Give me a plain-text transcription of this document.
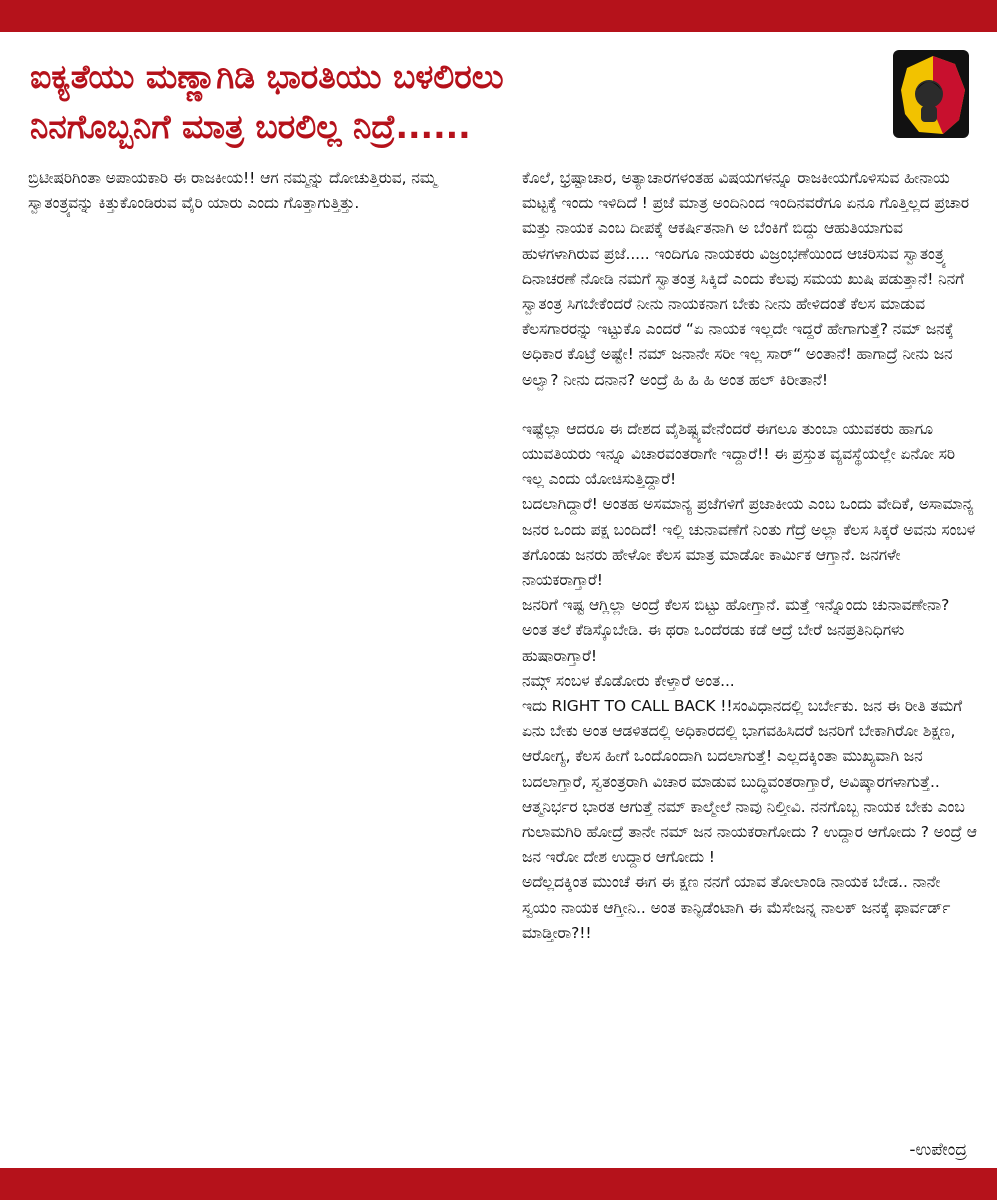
ಐಕ್ಯತೆಯು ಮಣ್ಣಾಗಿಡಿ ಭಾರತಿಯು ಬಳಲಿರಲು
ನಿನಗೊಬ್ಬನಿಗೆ ಮಾತ್ರ ಬರಲಿಲ್ಲ ನಿದ್ರೆ......

ಬ್ರಿಟೀಷರಿಗಿಂತಾ ಅಪಾಯಕಾರಿ ಈ ರಾಜಕೀಯ!! ಆಗ ನಮ್ಮನ್ನು ದೋಚುತ್ತಿರುವ, ನಮ್ಮ ಸ್ವಾತಂತ್ರ್ಯವನ್ನು ಕಿತ್ತುಕೊಂಡಿರುವ ವೈರಿ ಯಾರು ಎಂದು ಗೊತ್ತಾಗುತ್ತಿತ್ತು.

ಕೊಲೆ, ಭ್ರಷ್ಟಾಚಾರ, ಅತ್ಯಾಚಾರಗಳಂತಹ ವಿಷಯಗಳನ್ನೂ ರಾಜಕೀಯಗೊಳಿಸುವ ಹೀನಾಯ ಮಟ್ಟಕ್ಕೆ ಇಂದು ಇಳಿದಿದೆ ! ಪ್ರಜೆ ಮಾತ್ರ ಅಂದಿನಿಂದ ಇಂದಿನವರೆಗೂ ಏನೂ ಗೊತ್ತಿಲ್ಲದ ಪ್ರಚಾರ ಮತ್ತು ನಾಯಕ ಎಂಬ ದೀಪಕ್ಕೆ ಆಕರ್ಷಿತನಾಗಿ ಅ ಬೆಂಕಿಗೆ ಬಿದ್ದು ಆಹುತಿಯಾಗುವ ಹುಳಗಳಾಗಿರುವ ಪ್ರಜೆ..... ಇಂದಿಗೂ ನಾಯಕರು ವಿಜ್ರಂಭಣೆಯಿಂದ ಆಚರಿಸುವ ಸ್ವಾತಂತ್ರ್ಯ ದಿನಾಚರಣೆ ನೋಡಿ ನಮಗೆ ಸ್ವಾತಂತ್ರ ಸಿಕ್ಕಿದೆ ಎಂದು ಕೆಲವು ಸಮಯ ಖುಷಿ ಪಡುತ್ತಾನೆ! ನಿನಗೆ ಸ್ವಾತಂತ್ರ ಸಿಗಬೇಕೆಂದರೆ ನೀನು ನಾಯಕನಾಗ ಬೇಕು ನೀನು ಹೇಳಿದಂತೆ ಕೆಲಸ ಮಾಡುವ ಕೆಲಸಗಾರರನ್ನು ಇಟ್ಟುಕೊ ಎಂದರೆ “ಏ ನಾಯಕ ಇಲ್ಲದೇ ಇದ್ದರೆ ಹೇಗಾಗುತ್ತೆ? ನಮ್ ಜನಕ್ಕೆ ಅಧಿಕಾರ ಕೊಟ್ರೆ ಅಷ್ಟೇ! ನಮ್ ಜನಾನೇ ಸರೀ ಇಲ್ಲ ಸಾರ್“ ಅಂತಾನೆ! ಹಾಗಾದ್ರೆ ನೀನು ಜನ ಅಲ್ವಾ? ನೀನು ದನಾನ? ಅಂದ್ರೆ ಹಿ ಹಿ ಹಿ ಅಂತ ಹಲ್ ಕಿರೀತಾನೆ!

ಇಷ್ಟೆಲ್ಲಾ ಆದರೂ ಈ ದೇಶದ ವೈಶಿಷ್ಟ್ಯವೇನೆಂದರೆ ಈಗಲೂ ತುಂಬಾ ಯುವಕರು ಹಾಗೂ ಯುವತಿಯರು ಇನ್ನೂ ವಿಚಾರವಂತರಾಗೇ ಇದ್ದಾರೆ!! ಈ ಪ್ರಸ್ತುತ ವ್ಯವಸ್ಥೆಯಲ್ಲೇ ಏನೋ ಸರಿ ಇಲ್ಲ ಎಂದು ಯೋಚಿಸುತ್ತಿದ್ದಾರೆ!

ಬದಲಾಗಿದ್ದಾರೆ! ಅಂತಹ ಅಸಮಾನ್ಯ ಪ್ರಜೆಗಳಿಗೆ ಪ್ರಜಾಕೀಯ ಎಂಬ ಒಂದು ವೇದಿಕೆ, ಅಸಾಮಾನ್ಯ ಜನರ ಒಂದು ಪಕ್ಷ ಬಂದಿದೆ! ಇಲ್ಲಿ ಚುನಾವಣೆಗೆ ನಿಂತು ಗೆದ್ರೆ ಅಲ್ಲಾ ಕೆಲಸ ಸಿಕ್ಕರೆ ಅವನು ಸಂಬಳ ತಗೊಂಡು ಜನರು ಹೇಳೋ ಕೆಲಸ ಮಾತ್ರ ಮಾಡೋ ಕಾರ್ಮಿಕ ಆಗ್ತಾನೆ. ಜನಗಳೇ ನಾಯಕರಾಗ್ತಾರೆ!

ಜನರಿಗೆ ಇಷ್ಟ ಆಗ್ಲಿಲ್ಲಾ ಅಂದ್ರೆ ಕೆಲಸ ಬಿಟ್ಟು ಹೋಗ್ತಾನೆ. ಮತ್ತೆ ಇನ್ನೊಂದು ಚುನಾವಣೇನಾ? ಅಂತ ತಲೆ ಕೆಡಿಸ್ಕೊಬೇಡಿ. ಈ ಥರಾ ಒಂದೆರಡು ಕಡೆ ಆದ್ರೆ ಬೇರೆ ಜನಪ್ರತಿನಿಧಿಗಳು ಹುಷಾರಾಗ್ತಾರೆ!

ನಮ್ಗ್ ಸಂಬಳ ಕೊಡೋರು ಕೇಳ್ತಾರೆ ಅಂತ...

ಇದು RIGHT TO CALL BACK !!ಸಂವಿಧಾನದಲ್ಲಿ ಬರ್ಬೇಕು. ಜನ ಈ ರೀತಿ ತಮಗೆ ಏನು ಬೇಕು ಅಂತ ಆಡಳಿತದಲ್ಲಿ ಅಧಿಕಾರದಲ್ಲಿ ಭಾಗವಹಿಸಿದರೆ ಜನರಿಗೆ ಬೇಕಾಗಿರೋ ಶಿಕ್ಷಣ, ಆರೋಗ್ಯ, ಕೆಲಸ ಹೀಗೆ ಒಂದೊಂದಾಗಿ ಬದಲಾಗುತ್ತೆ! ಎಲ್ಲದಕ್ಕಿಂತಾ ಮುಖ್ಯವಾಗಿ ಜನ ಬದಲಾಗ್ತಾರೆ, ಸ್ವತಂತ್ರರಾಗಿ ವಿಚಾರ ಮಾಡುವ ಬುದ್ಧಿವಂತರಾಗ್ತಾರೆ, ಅವಿಷ್ಕಾರಗಳಾಗುತ್ತೆ.. ಆತ್ಮನಿರ್ಭರ ಭಾರತ ಆಗುತ್ತೆ ನಮ್ ಕಾಲ್ಮೇಲೆ ನಾವು ನಿಲ್ತೀವಿ. ನನಗೊಬ್ಬ ನಾಯಕ ಬೇಕು ಎಂಬ ಗುಲಾಮಗಿರಿ ಹೋದ್ರೆ ತಾನೇ ನಮ್ ಜನ ನಾಯಕರಾಗೋದು ? ಉದ್ದಾರ ಆಗೋದು ? ಅಂದ್ರೆ ಆ ಜನ ಇರೋ ದೇಶ ಉದ್ದಾರ ಆಗೋದು !

ಅದೆಲ್ಲದಕ್ಕಿಂತ ಮುಂಚೆ ಈಗ ಈ ಕ್ಷಣ ನನಗೆ ಯಾವ ತೋಲಾಂಡಿ ನಾಯಕ ಬೇಡ.. ನಾನೇ ಸ್ವಯಂ ನಾಯಕ ಆಗ್ತೀನಿ.. ಅಂತ ಕಾನ್ಫಿಡೆಂಟಾಗಿ ಈ ಮೆಸೇಜನ್ನ ನಾಲಕ್ ಜನಕ್ಕೆ ಫಾರ್ವರ್ಡ್ ಮಾಡ್ತೀರಾ?!!

-ಉಪೇಂದ್ರ
